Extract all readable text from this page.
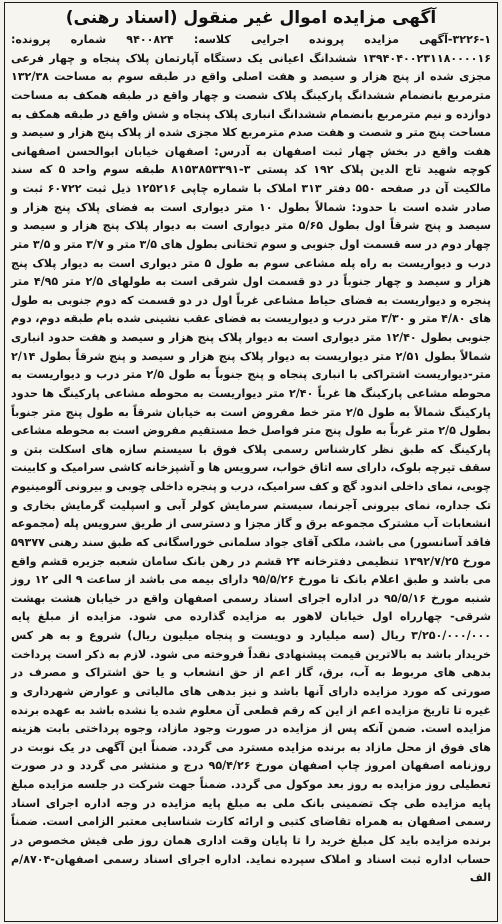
آگهی مزایده اموال غیر منقول (اسناد رهنی)

۳۲۲۶-۱-آگهی مزایده پرونده اجرایی کلاسه: ۹۴۰۰۸۲۴ شماره پرونده: ۱۳۹۴۰۴۰۰۲۳۱۱۸۰۰۰۰۱۶ ششدانگ اعیانی یک دستگاه آپارتمان پلاک پنجاه و چهار فرعی مجزی شده از پنج هزار و سیصد و هفت اصلی واقع در طبقه سوم به مساحت ۱۳۲/۳۸ مترمربع بانضمام ششدانگ پارکینگ پلاک شصت و چهار واقع در طبقه همکف به مساحت دوازده و نیم مترمربع بانضمام ششدانگ انباری پلاک پنجاه و شش واقع در طبقه همکف به مساحت پنج متر و شصت و هفت صدم مترمربع کلا مجزی شده از پلاک پنج هزار و سیصد و هفت واقع در بخش چهار ثبت اصفهان به آدرس: اصفهان خیابان ابوالحسن اصفهانی کوچه شهید تاج الدین پلاک ۱۹۲ کد پستی ۳-۸۱۵۳۸۵۳۳۹۱ طبقه سوم واحد ۵ که سند مالکیت آن در صفحه ۵۵۰ دفتر ۳۱۳ املاک با شماره چاپی ۱۲۵۲۱۶ ذیل ثبت ۶۰۷۲۲ ثبت و صادر شده است با حدود: شمالاً بطول ۱۰ متر دیواری است به فضای پلاک پنج هزار و سیصد و پنج شرقاً اول بطول ۵/۶۵ متر دیواری است به دیوار پلاک پنج هزار و سیصد و چهار دوم در سه قسمت اول جنوبی و سوم تختانی بطول های ۳/۵ متر و ۳/۷ متر و ۳/۵ متر درب و دیواریست به راه پله مشاعی سوم به طول ۵ متر دیواری است به دیوار پلاک پنج هزار و سیصد و چهار جنوباً در دو قسمت اول شرقی است به طولهای ۲/۵ متر ۴/۹۵ متر پنجره و دیواریست به فضای حیاط مشاعی غرباً اول در دو قسمت که دوم جنوبی به طول های ۴/۸۰ متر و ۳/۳۰ متر درب و دیواریست به فضای عقب نشینی شده بام طبقه دوم، دوم جنوبی بطول ۱۲/۴۰ متر دیواری است به دیوار پلاک پنج هزار و سیصد و هفت حدود انباری شمالاً بطول ۲/۵۱ متر دیواریست به دیوار پلاک پنج هزار و سیصد و پنج شرقاً بطول ۲/۱۴ متر-دیواریست اشتراکی با انباری پنجاه و پنج جنوباً به طول ۲/۵ متر درب و دیواریست به محوطه مشاعی پارکینگ ها غرباً ۲/۴۰ متر دیواریست به محوطه مشاعی پارکینگ ها حدود پارکینگ شمالاً به طول ۲/۵ متر خط مفروض است به خیابان شرقاً به طول پنج متر جنوباً بطول ۲/۵ متر غرباً به طول پنج متر فواصل خط مستقیم مفروض است به محوطه مشاعی پارکینگ که طبق نظر کارشناس رسمی پلاک فوق با سیستم سازه های اسکلت بتن و سقف تیرچه بلوک، دارای سه اتاق خواب، سرویس ها و آشپزخانه کاشی سرامیک و کابینت چوبی، نمای داخلی اندود گچ و کف سرامیک، درب و پنجره داخلی چوبی و بیرونی آلومینیوم تک جداره، نمای بیرونی آجرنما، سیستم سرمایش کولر آبی و اسپلیت گرمایش بخاری و انشعابات آب مشترک مجموعه برق و گاز مجزا و دسترسی از طریق سرویس پله (مجموعه فاقد آسانسور) می باشد، ملکی آقای جواد سلمانی خوراسگانی که طبق سند رهنی ۵۹۳۷۷ مورخ ۱۳۹۲/۷/۲۵ تنظیمی دفترخانه ۲۴ قشم در رهن بانک سامان شعبه جزیره قشم واقع می باشد و طبق اعلام بانک تا مورخ ۹۵/۵/۲۶ دارای بیمه می باشد از ساعت ۹ الی ۱۲ روز شنبه مورخ ۹۵/۵/۱۶ در اداره اجرای اسناد رسمی اصفهان واقع در خیابان هشت بهشت شرقی- چهارراه اول خیابان لاهور به مزایده گذارده می شود. مزایده از مبلغ پایه ۳/۲۵۰/۰۰۰/۰۰۰ ریال (سه میلیارد و دویست و پنجاه میلیون ریال) شروع و به هر کس خریدار باشد به بالاترین قیمت پیشنهادی نقداً فروخته می شود. لازم به ذکر است پرداخت بدهی های مربوط به آب، برق، گاز اعم از حق انشعاب و یا حق اشتراک و مصرف در صورتی که مورد مزایده دارای آنها باشد و نیز بدهی های مالیاتی و عوارض شهرداری و غیره تا تاریخ مزایده اعم از این که رقم قطعی آن معلوم شده یا نشده باشد به عهده برنده مزایده است. ضمن آنکه پس از مزایده در صورت وجود مازاد، وجوه پرداختی بابت هزینه های فوق از محل مازاد به برنده مزایده مسترد می گردد. ضمناً این آگهی در یک نوبت در روزنامه اصفهان امروز چاپ اصفهان مورخ ۹۵/۴/۲۶ درج و منتشر می گردد و در صورت تعطیلی روز مزایده به روز بعد موکول می گردد. ضمناً جهت شرکت در جلسه مزایده مبلغ پایه مزایده طی چک تضمینی بانک ملی به مبلغ پایه مزایده در وجه اداره اجرای اسناد رسمی اصفهان به همراه تقاضای کتبی و ارائه کارت شناسایی معتبر الزامی است. ضمناً برنده مزایده باید کل مبلغ خرید را تا پایان وقت اداری همان روز طی فیش مخصوص در حساب اداره ثبت اسناد و املاک سپرده نماید. اداره اجرای اسناد رسمی اصفهان-۸۷۰۴/م الف
